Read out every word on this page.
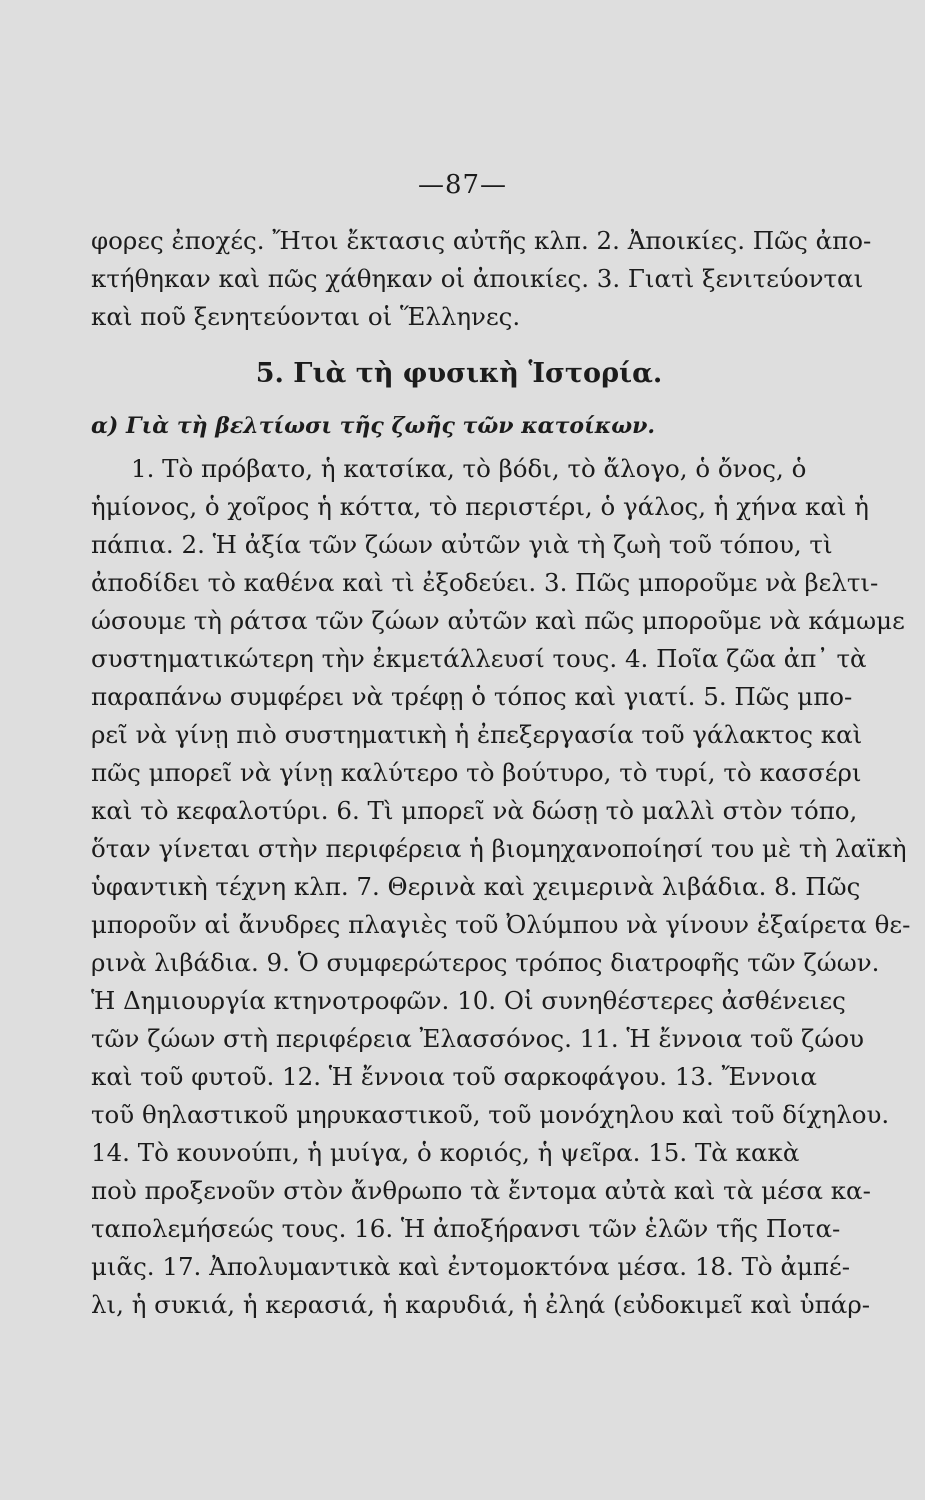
—87—
φορες ἐποχές. Ἤτοι ἔκτασις αὐτῆς κλπ. 2. Ἀποικίες. Πῶς ἀπο-
κτήθηκαν καὶ πῶς χάθηκαν οἱ ἀποικίες. 3. Γιατὶ ξενιτεύονται
καὶ ποῦ ξενητεύονται οἱ Ἕλληνες.
5. Γιὰ τὴ φυσικὴ Ἱστορία.
α) Γιὰ τὴ βελτίωσι τῆς ζωῆς τῶν κατοίκων.
1. Τὸ πρόβατο, ἡ κατσίκα, τὸ βόδι, τὸ ἄλογο, ὁ ὄνος, ὁ
ἡμίονος, ὁ χοῖρος ἡ κόττα, τὸ περιστέρι, ὁ γάλος, ἡ χήνα καὶ ἡ
πάπια. 2. Ἡ ἀξία τῶν ζώων αὐτῶν γιὰ τὴ ζωὴ τοῦ τόπου, τὶ
ἀποδίδει τὸ καθένα καὶ τὶ ἐξοδεύει. 3. Πῶς μποροῦμε νὰ βελτι-
ώσουμε τὴ ράτσα τῶν ζώων αὐτῶν καὶ πῶς μποροῦμε νὰ κάμωμε
συστηματικώτερη τὴν ἐκμετάλλευσί τους. 4. Ποῖα ζῶα ἀπ᾽ τὰ
παραπάνω συμφέρει νὰ τρέφῃ ὁ τόπος καὶ γιατί. 5. Πῶς μπο-
ρεῖ νὰ γίνῃ πιὸ συστηματικὴ ἡ ἐπεξεργασία τοῦ γάλακτος καὶ
πῶς μπορεῖ νὰ γίνῃ καλύτερο τὸ βούτυρο, τὸ τυρί, τὸ κασσέρι
καὶ τὸ κεφαλοτύρι. 6. Τὶ μπορεῖ νὰ δώσῃ τὸ μαλλὶ στὸν τόπο,
ὅταν γίνεται στὴν περιφέρεια ἡ βιομηχανοποίησί του μὲ τὴ λαϊκὴ
ὑφαντικὴ τέχνη κλπ. 7. Θερινὰ καὶ χειμερινὰ λιβάδια. 8. Πῶς
μποροῦν αἱ ἄνυδρες πλαγιὲς τοῦ Ὀλύμπου νὰ γίνουν ἐξαίρετα θε-
ρινὰ λιβάδια. 9. Ὁ συμφερώτερος τρόπος διατροφῆς τῶν ζώων.
Ἡ Δημιουργία κτηνοτροφῶν. 10. Οἱ συνηθέστερες ἀσθένειες
τῶν ζώων στὴ περιφέρεια Ἐλασσόνος. 11. Ἡ ἔννοια τοῦ ζώου
καὶ τοῦ φυτοῦ. 12. Ἡ ἔννοια τοῦ σαρκοφάγου. 13. Ἔννοια
τοῦ θηλαστικοῦ μηρυκαστικοῦ, τοῦ μονόχηλου καὶ τοῦ δίχηλου.
14. Τὸ κουνούπι, ἡ μυίγα, ὁ κοριός, ἡ ψεῖρα. 15. Τὰ κακὰ
ποὺ προξενοῦν στὸν ἄνθρωπο τὰ ἔντομα αὐτὰ καὶ τὰ μέσα κα-
ταπολεμήσεώς τους. 16. Ἡ ἀποξήρανσι τῶν ἑλῶν τῆς Ποτα-
μιᾶς. 17. Ἀπολυμαντικὰ καὶ ἐντομοκτόνα μέσα. 18. Τὸ ἀμπέ-
λι, ἡ συκιά, ἡ κερασιά, ἡ καρυδιά, ἡ ἐληά (εὐδοκιμεῖ καὶ ὑπάρ-
